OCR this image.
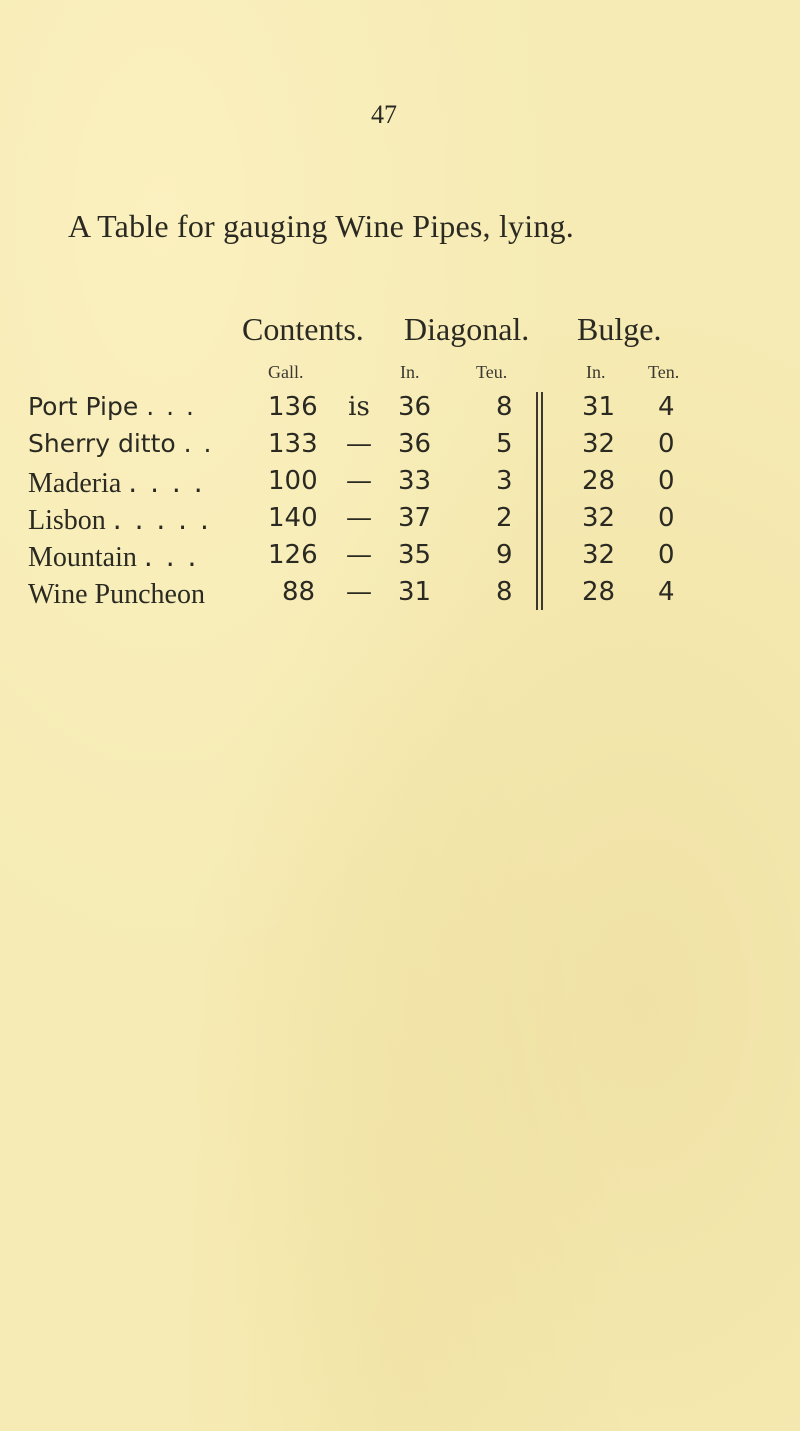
47
A Table for gauging Wine Pipes, lying.
Contents. Diagonal. Bulge.
Gall.	In.	Teu.	In. Ten.
Port Pipe . . .	136	is	36 8	31 4
Sherry ditto . . 133	—	36 5	32 0
Maderia . . . . 100	—	33 3	28 0
Lisbon . . . . . 140	—	37 2	32 0
Mountain . . .	126	—	35 9	32 0
Wine Puncheon	88	—	31 8	28 4
